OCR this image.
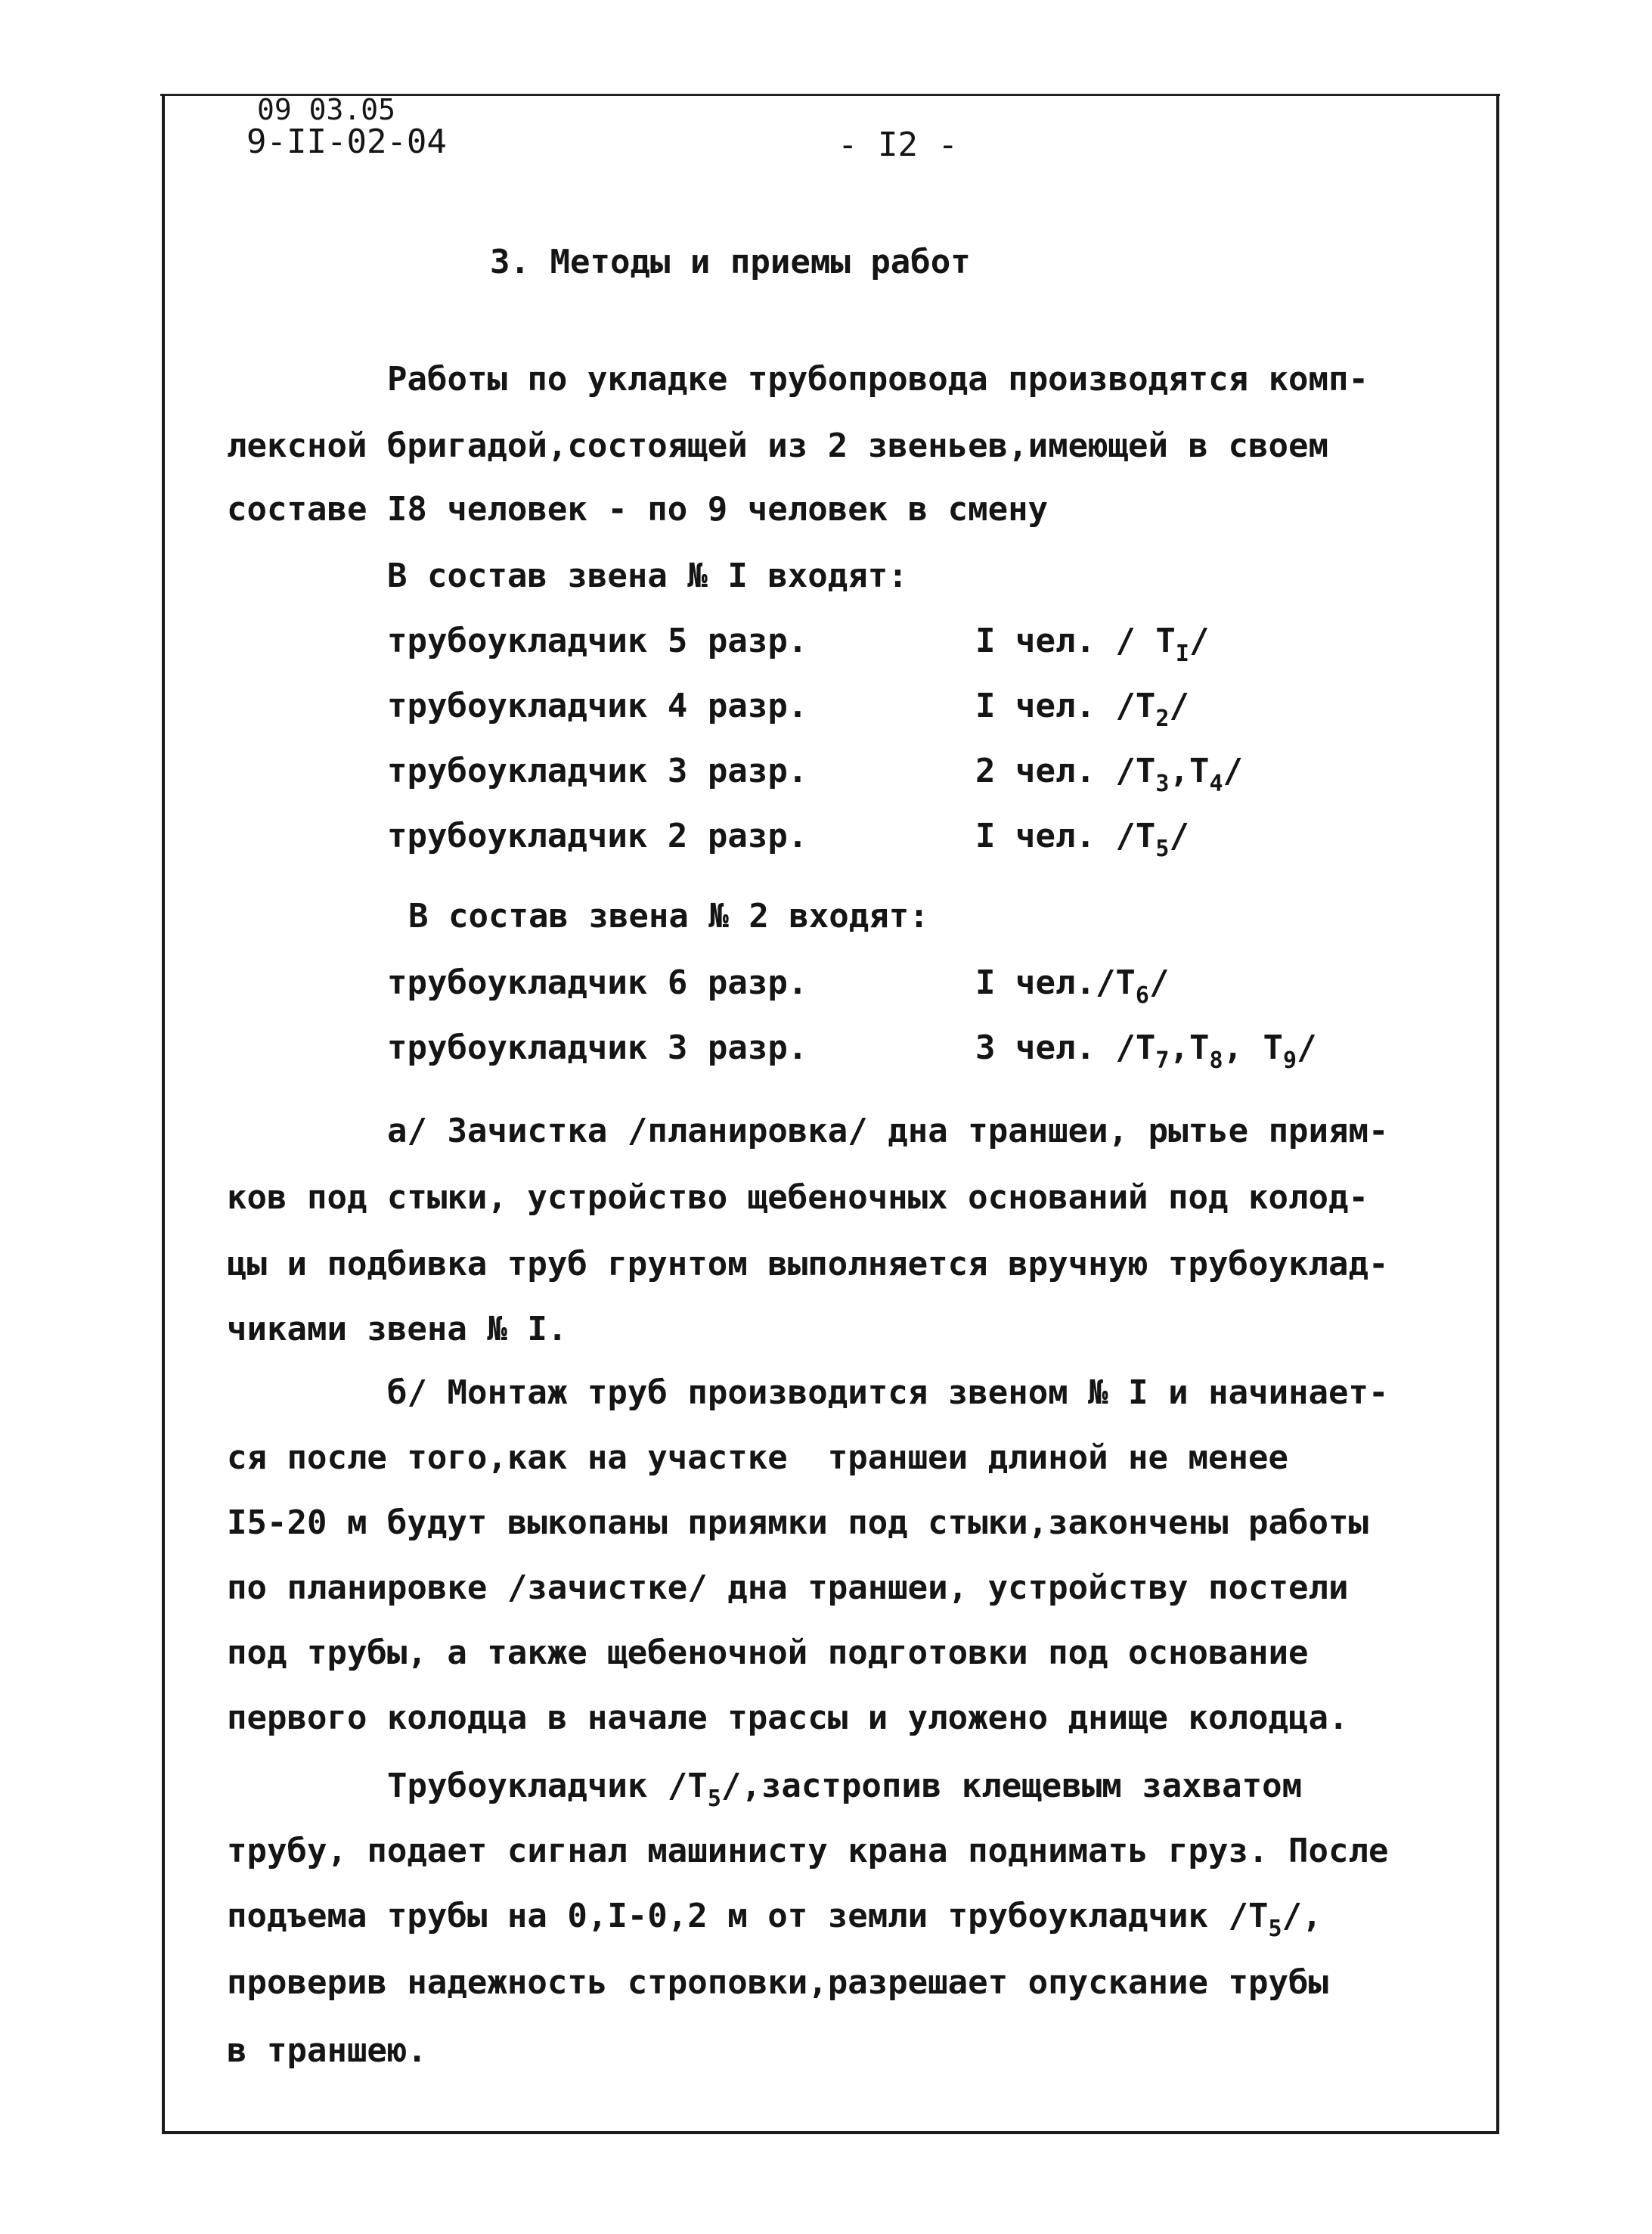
09 03.05
9-II-02-04	- I2 -
3. Методы и приемы работ
Работы по укладке трубопровода производятся комп-
лексной бригадой,состоящей из 2 звеньев,имеющей в своем
составе I8 человек - по 9 человек в смену
В состав звена № I входят:
трубоукладчик 5 разр.	I чел. / $Т_I/$
трубоукладчик 4 разр.	I чел. $/Т_2/$
трубоукладчик 3 разр.	2 чел. $/Т_3,Т_4/$
трубоукладчик 2 разр.	I чел. $/Т_5/$
В состав звена № 2 входят:
трубоукладчик 6 разр.	I $чел./Т_6/$
трубоукладчик 3 разр.	3 чел. $/Т_7,Т_8$, $Т_9/$
а/ Зачистка /планировка/ дна траншеи, рытье приям-
ков под стыки, устройство щебеночных оснований под колод-
цы и подбивка труб грунтом выполняется вручную трубоуклад-
чиками звена № I.
б/ Монтаж труб производится звеном № I и начинает-
ся после того,как на участке  траншеи длиной не менее
I5-20 м будут выкопаны приямки под стыки,закончены работы
по планировке /зачистке/ дна траншеи, устройству постели
под трубы, а также щебеночной подготовки под основание
первого колодца в начале трассы и уложено днище колодца.
Трубоукладчик $/Т_5/,застропив$ клещевым захватом
трубу, подает сигнал машинисту крана поднимать груз. После
подъема трубы на 0,I-0,2 м от земли трубоукладчик $/Т_5/$,
проверив надежность строповки,разрешает опускание трубы
в траншею.
